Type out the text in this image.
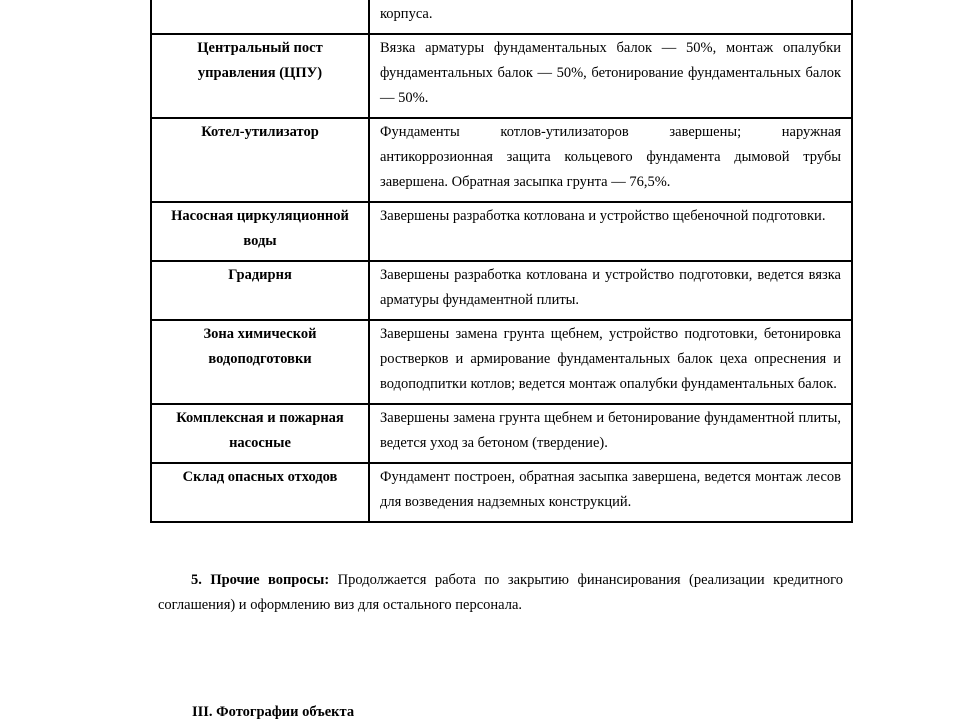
	корпуса.
Центральный пост управления (ЦПУ)	Вязка арматуры фундаментальных балок — 50%, монтаж опалубки фундаментальных балок — 50%, бетонирование фундаментальных балок — 50%.
Котел-утилизатор	Фундаменты котлов-утилизаторов завершены; наружная антикоррозионная защита кольцевого фундамента дымовой трубы завершена. Обратная засыпка грунта — 76,5%.
Насосная циркуляционной воды	Завершены разработка котлована и устройство щебеночной подготовки.
Градирня	Завершены разработка котлована и устройство подготовки, ведется вязка арматуры фундаментной плиты.
Зона химической водоподготовки	Завершены замена грунта щебнем, устройство подготовки, бетонировка ростверков и армирование фундаментальных балок цеха опреснения и водоподпитки котлов; ведется монтаж опалубки фундаментальных балок.
Комплексная и пожарная насосные	Завершены замена грунта щебнем и бетонирование фундаментной плиты, ведется уход за бетоном (твердение).
Склад опасных отходов	Фундамент построен, обратная засыпка завершена, ведется монтаж лесов для возведения надземных конструкций.

5. Прочие вопросы: Продолжается работа по закрытию финансирования (реализации кредитного соглашения) и оформлению виз для остального персонала.

III. Фотографии объекта
